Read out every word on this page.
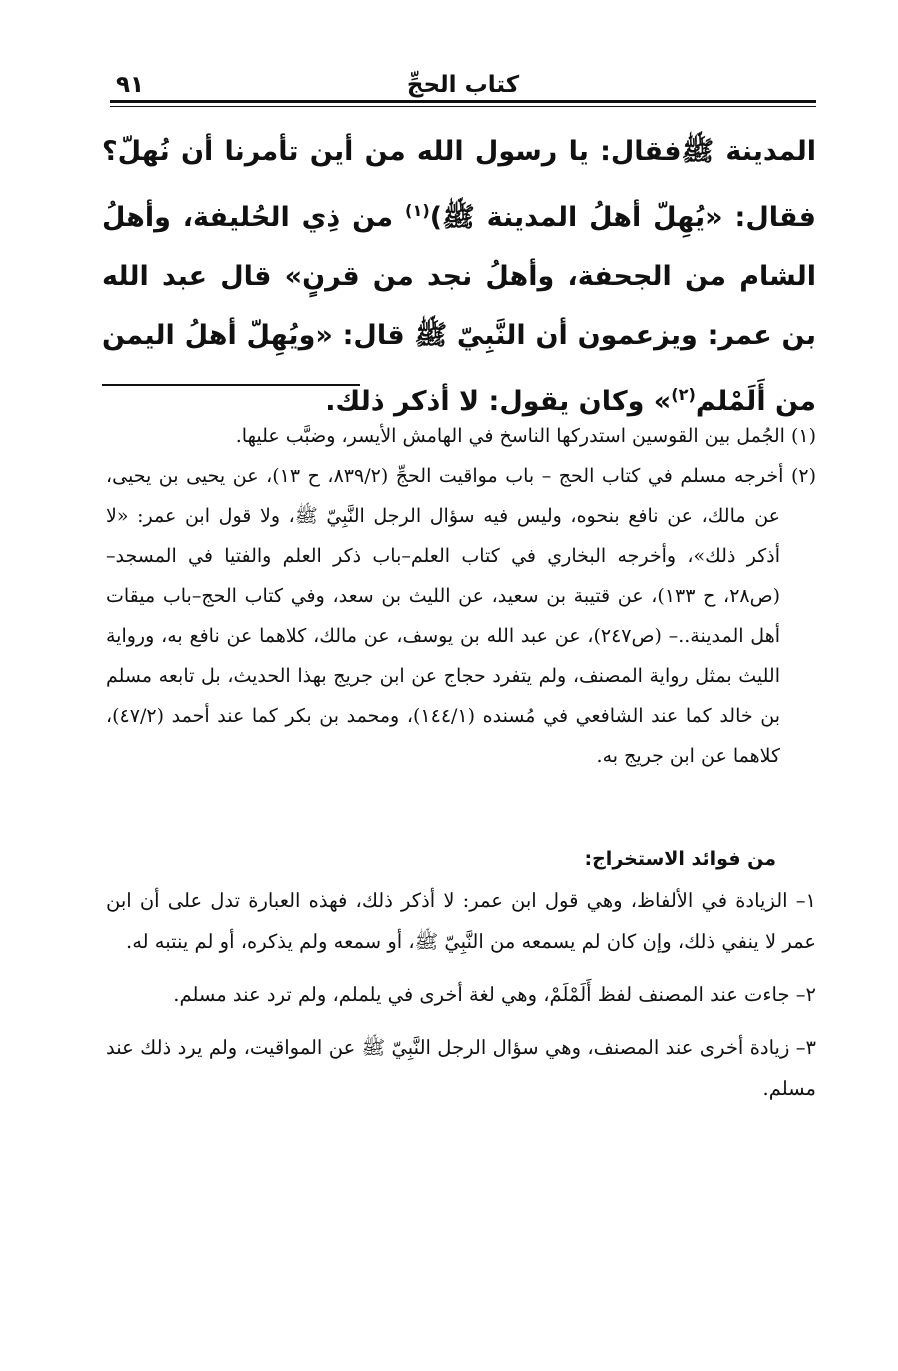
كتاب الحجِّ
٩١
المدينة ﷺفقال: يا رسول الله من أين تأمرنا أن نُهلّ؟ فقال: «يُهِلّ أهلُ المدينة ﷺ)$^{(١)}$ من ذِي الحُليفة، وأهلُ الشام من الجحفة، وأهلُ نجد من قرنٍ» قال عبد الله بن عمر: ويزعمون أن النَّبِيّ ﷺ قال: «ويُهِلّ أهلُ اليمن من أَلَمْلم$^{(٢)}$» وكان يقول: لا أذكر ذلك.

(١) الجُمل بين القوسين استدركها الناسخ في الهامش الأيسر، وضبَّب عليها.

(٢) أخرجه مسلم في كتاب الحج – باب مواقيت الحجِّ (٨٣٩/٢، ح ١٣)، عن يحيى بن يحيى، عن مالك، عن نافع بنحوه، وليس فيه سؤال الرجل النَّبِيّ ﷺ، ولا قول ابن عمر: «لا أذكر ذلك»، وأخرجه البخاري في كتاب العلم–باب ذكر العلم والفتيا في المسجد– (ص٢٨، ح ١٣٣)، عن قتيبة بن سعيد، عن الليث بن سعد، وفي كتاب الحج–باب ميقات أهل المدينة..– (ص٢٤٧)، عن عبد الله بن يوسف، عن مالك، كلاهما عن نافع به، ورواية الليث بمثل رواية المصنف، ولم يتفرد حجاج عن ابن جريج بهذا الحديث، بل تابعه مسلم بن خالد كما عند الشافعي في مُسنده (١٤٤/١)، ومحمد بن بكر كما عند أحمد (٤٧/٢)، كلاهما عن ابن جريج به.

من فوائد الاستخراج:

١– الزيادة في الألفاظ، وهي قول ابن عمر: لا أذكر ذلك، فهذه العبارة تدل على أن ابن عمر لا ينفي ذلك، وإن كان لم يسمعه من النَّبِيّ ﷺ، أو سمعه ولم يذكره، أو لم ينتبه له.

٢– جاءت عند المصنف لفظ أَلَمْلَمْ، وهي لغة أخرى في يلملم، ولم ترد عند مسلم.

٣– زيادة أخرى عند المصنف، وهي سؤال الرجل النَّبِيّ ﷺ عن المواقيت، ولم يرد ذلك عند مسلم.
